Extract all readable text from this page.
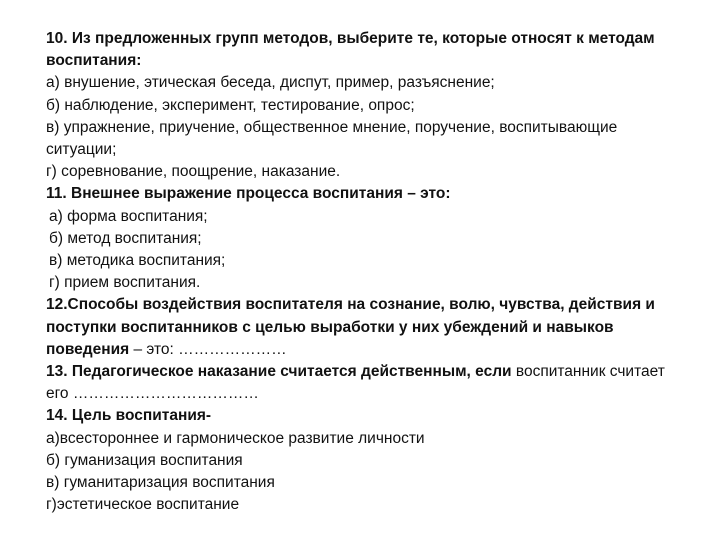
10. Из предложенных групп методов, выберите те, которые относят к методам воспитания:

а) внушение, этическая беседа, диспут, пример, разъяснение;

б) наблюдение, эксперимент, тестирование, опрос;

в) упражнение, приучение, общественное мнение, поручение, воспитывающие ситуации;

г) соревнование, поощрение, наказание.

11. Внешнее выражение процесса воспитания – это:

а) форма воспитания;

б) метод воспитания;

в) методика воспитания;

г) прием воспитания.

12.Способы воздействия воспитателя на сознание, волю, чувства, действия и поступки воспитанников с целью выработки у них убеждений и навыков поведения – это: …………………

13. Педагогическое наказание считается действенным, если воспитанник считает его ………………………………

14. Цель воспитания-

а)всестороннее и гармоническое развитие личности

б) гуманизация воспитания

в) гуманитаризация воспитания

г)эстетическое воспитание
